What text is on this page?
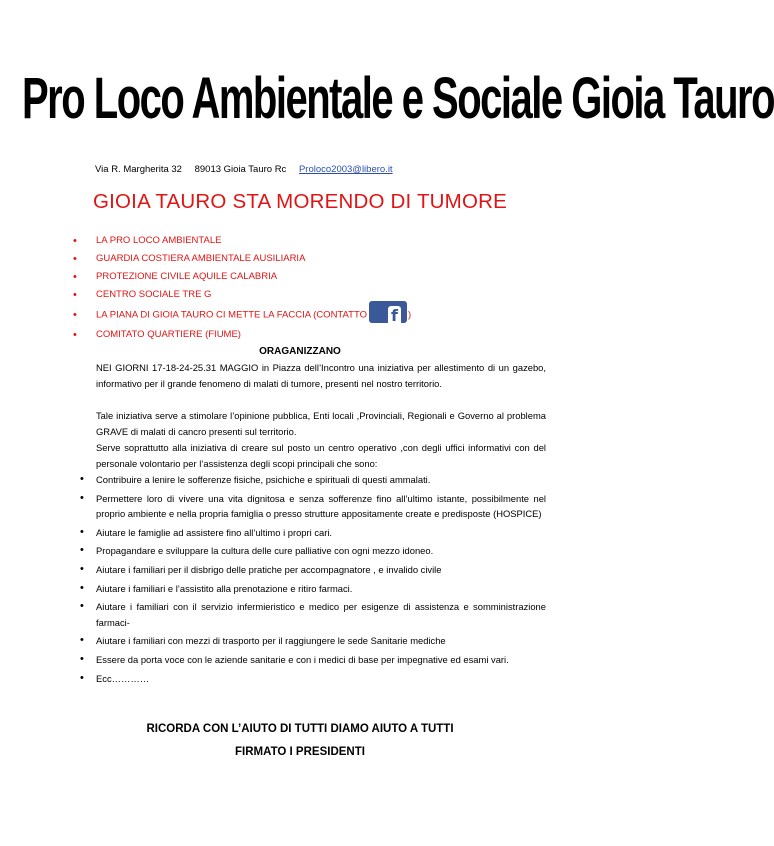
Pro Loco Ambientale e Sociale Gioia Tauro
Via R. Margherita 32 89013 Gioia Tauro Rc Proloco2003@libero.it
GIOIA TAURO STA MORENDO DI TUMORE
• LA PRO LOCO AMBIENTALE
• GUARDIA COSTIERA AMBIENTALE AUSILIARIA
• PROTEZIONE CIVILE AQUILE CALABRIA
• CENTRO SOCIALE TRE G
• LA PIANA DI GIOIA TAURO CI METTE LA FACCIA (CONTATTO f	)
• COMITATO QUARTIERE (FIUME)
ORAGANIZZANO
NEI GIORNI 17-18-24-25.31 MAGGIO in Piazza dell’Incontro una iniziativa per allestimento di un gazebo, informativo per il grande fenomeno di malati di tumore, presenti nel nostro territorio.
Tale iniziativa serve a stimolare l’opinione pubblica, Enti locali ,Provinciali, Regionali e Governo al problema GRAVE di malati di cancro presenti sul territorio.
Serve soprattutto alla iniziativa di creare sul posto un centro operativo ,con degli uffici informativi con del personale volontario per l’assistenza degli scopi principali che sono:
• Contribuire a lenire le sofferenze fisiche, psichiche e spirituali di questi ammalati.
• Permettere loro di vivere una vita dignitosa e senza sofferenze fino all’ultimo istante, possibilmente nel proprio ambiente e nella propria famiglia o presso strutture appositamente create e predisposte (HOSPICE)
• Aiutare le famiglie ad assistere fino all’ultimo i propri cari.
• Propagandare e sviluppare la cultura delle cure palliative con ogni mezzo idoneo.
• Aiutare i familiari per il disbrigo delle pratiche per accompagnatore , e invalido civile
• Aiutare i familiari e l’assistito alla prenotazione e ritiro farmaci.
• Aiutare i familiari con il servizio infermieristico e medico per esigenze di assistenza e somministrazione farmaci-
• Aiutare i familiari con mezzi di trasporto per il raggiungere le sede Sanitarie mediche
• Essere da porta voce con le aziende sanitarie e con i medici di base per impegnative ed esami vari.
• Ecc…………
RICORDA CON L’AIUTO DI TUTTI DIAMO AIUTO A TUTTI
FIRMATO I PRESIDENTI
